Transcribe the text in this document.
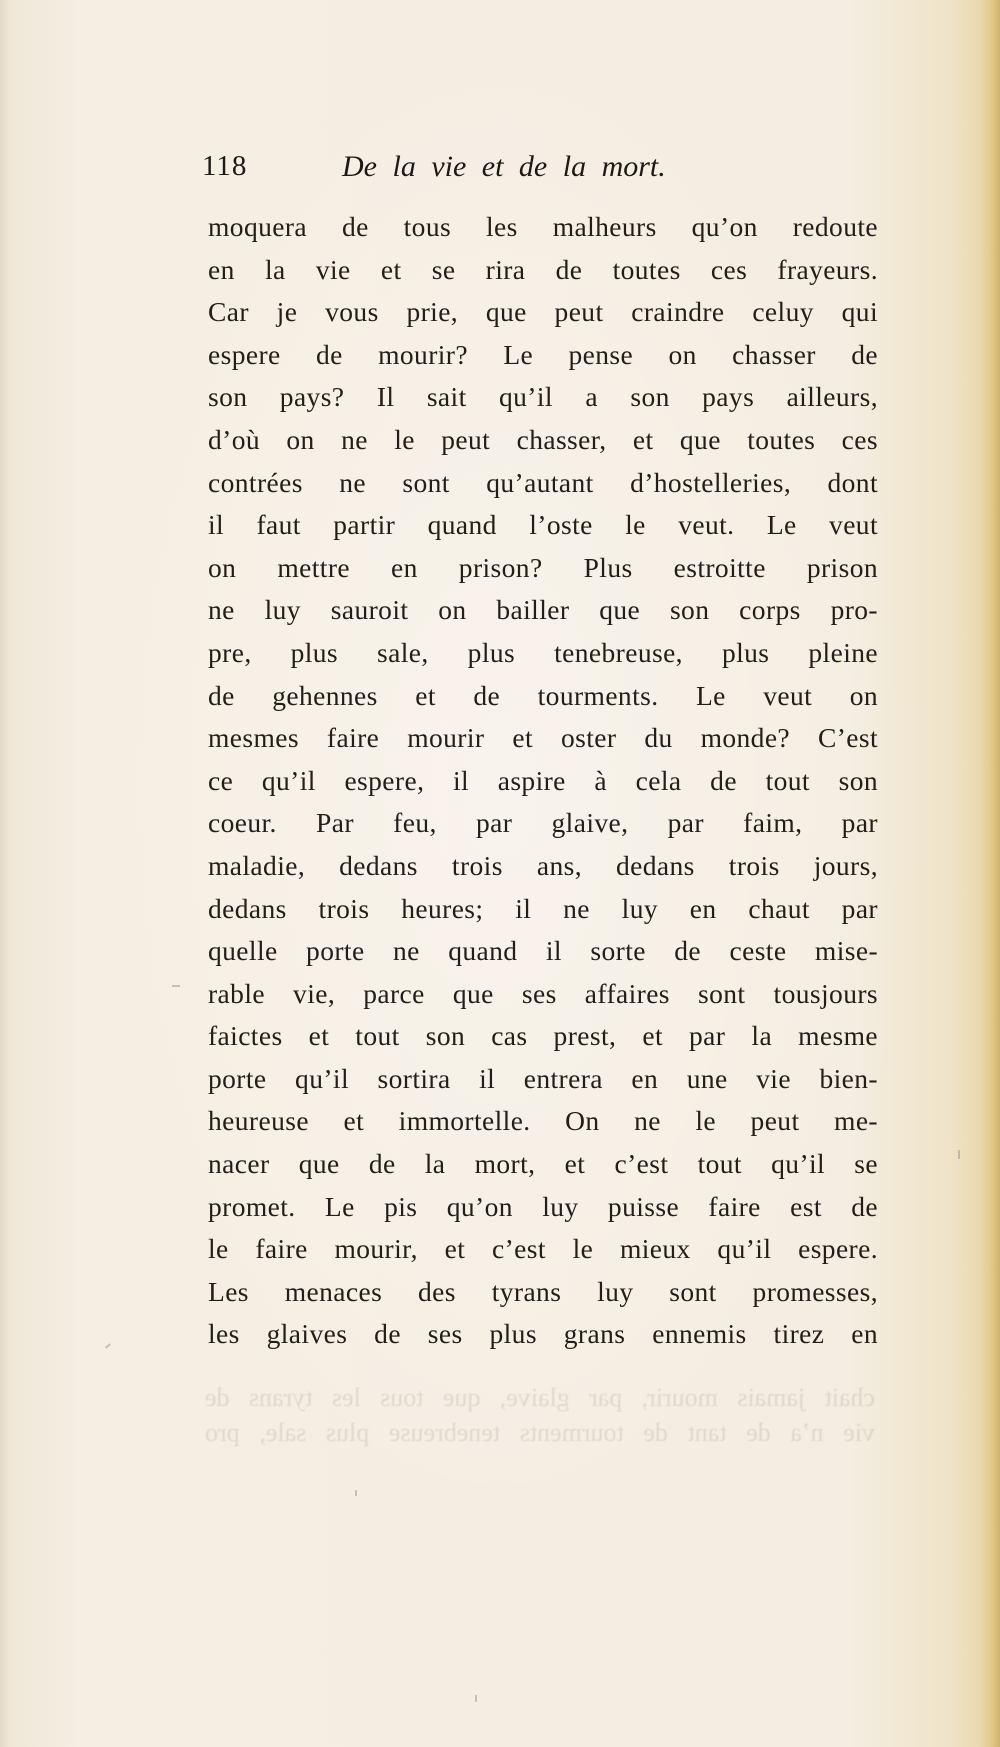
118	De la vie et de la mort.
moquera de tous les malheurs qu’on redoute
en la vie et se rira de toutes ces frayeurs.
Car je vous prie, que peut craindre celuy qui
espere de mourir? Le pense on chasser de
son pays? Il sait qu’il a son pays ailleurs,
d’où on ne le peut chasser, et que toutes ces
contrées ne sont qu’autant d’hostelleries, dont
il faut partir quand l’oste le veut. Le veut
on mettre en prison? Plus estroitte prison
ne luy sauroit on bailler que son corps pro-
pre, plus sale, plus tenebreuse, plus pleine
de gehennes et de tourments. Le veut on
mesmes faire mourir et oster du monde? C’est
ce qu’il espere, il aspire à cela de tout son
coeur. Par feu, par glaive, par faim, par
maladie, dedans trois ans, dedans trois jours,
dedans trois heures; il ne luy en chaut par
quelle porte ne quand il sorte de ceste mise-
rable vie, parce que ses affaires sont tousjours
faictes et tout son cas prest, et par la mesme
porte qu’il sortira il entrera en une vie bien-
heureuse et immortelle. On ne le peut me-
nacer que de la mort, et c’est tout qu’il se
promet. Le pis qu’on luy puisse faire est de
le faire mourir, et c’est le mieux qu’il espere.
Les menaces des tyrans luy sont promesses,
les glaives de ses plus grans ennemis tirez en
chait jamais mourir, par glaive, que tous les tyrans de
vie n’a de tant de tourments tenebreuse plus sale, pro
